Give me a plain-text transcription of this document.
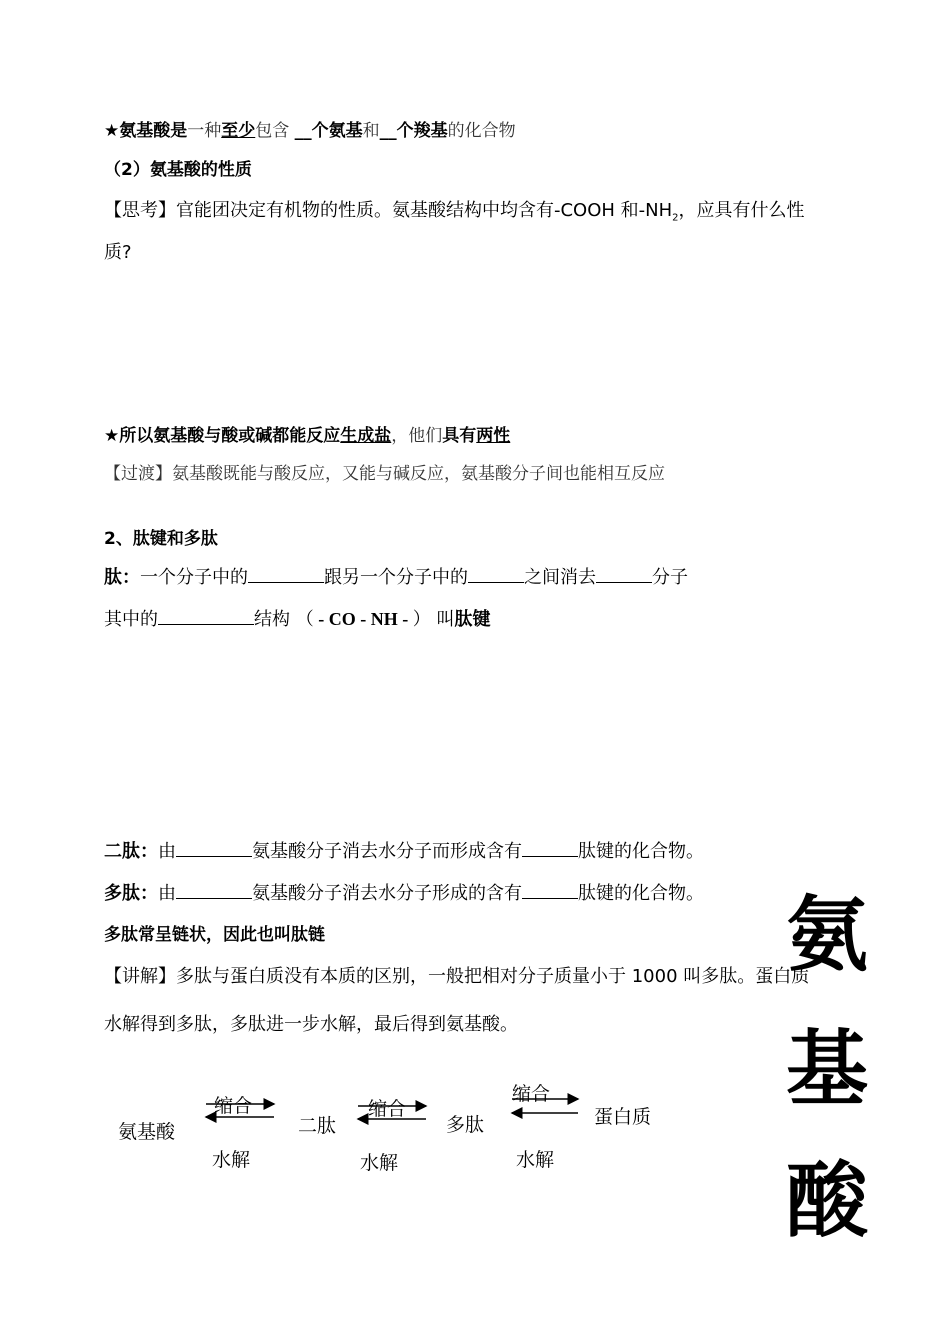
★氨基酸是一种至少包含 __个氨基和__个羧基的化合物
（2）氨基酸的性质
【思考】官能团决定有机物的性质。氨基酸结构中均含有-COOH 和$-NH_2$，应具有什么性
质?
★所以氨基酸与酸或碱都能反应生成盐，他们具有两性
【过渡】氨基酸既能与酸反应，又能与碱反应，氨基酸分子间也能相互反应
2、肽键和多肽
肽：一个分子中的	跟另一个分子中的	之间消去	分子
其中的	结构 （ - CO - NH - ） 叫肽键
二肽：由	氨基酸分子消去水分子而形成含有	肽键的化合物。
多肽：由	氨基酸分子消去水分子形成的含有	肽键的化合物。
多肽常呈链状，因此也叫肽链
【讲解】多肽与蛋白质没有本质的区别，一般把相对分子质量小于 1000 叫多肽。蛋白质
水解得到多肽，多肽进一步水解，最后得到氨基酸。
氨基酸	二肽	多肽	蛋白质
缩合	缩合
缩合
水解	水解	水解
氨
基
酸
